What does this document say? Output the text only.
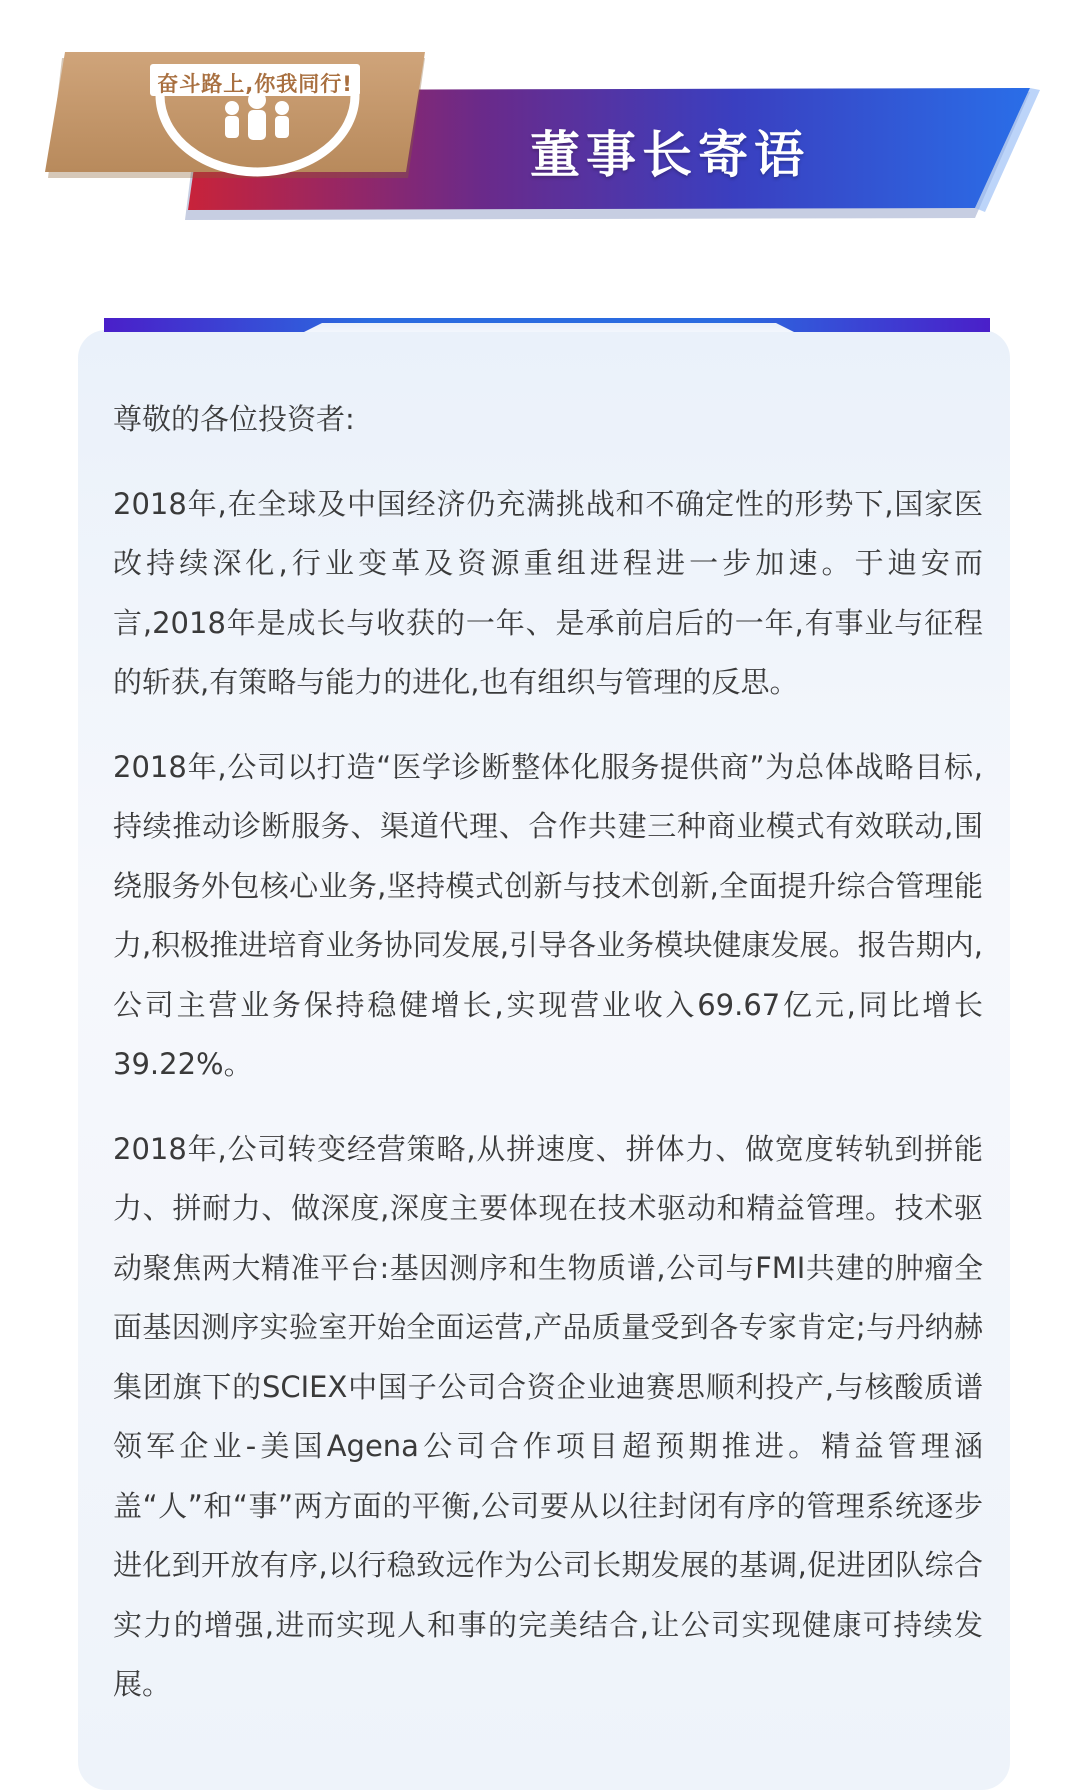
奋斗路上,你我同行!
董事长寄语

尊敬的各位投资者:

2018年,在全球及中国经济仍充满挑战和不确定性的形势下,国家医改持续深化,行业变革及资源重组进程进一步加速。于迪安而言,2018年是成长与收获的一年、是承前启后的一年,有事业与征程的斩获,有策略与能力的进化,也有组织与管理的反思。

2018年,公司以打造“医学诊断整体化服务提供商”为总体战略目标,持续推动诊断服务、渠道代理、合作共建三种商业模式有效联动,围绕服务外包核心业务,坚持模式创新与技术创新,全面提升综合管理能力,积极推进培育业务协同发展,引导各业务模块健康发展。报告期内,公司主营业务保持稳健增长,实现营业收入69.67亿元,同比增长39.22%。

2018年,公司转变经营策略,从拼速度、拼体力、做宽度转轨到拼能力、拼耐力、做深度,深度主要体现在技术驱动和精益管理。技术驱动聚焦两大精准平台:基因测序和生物质谱,公司与FMI共建的肿瘤全面基因测序实验室开始全面运营,产品质量受到各专家肯定;与丹纳赫集团旗下的SCIEX中国子公司合资企业迪赛思顺利投产,与核酸质谱领军企业-美国Agena公司合作项目超预期推进。精益管理涵盖“人”和“事”两方面的平衡,公司要从以往封闭有序的管理系统逐步进化到开放有序,以行稳致远作为公司长期发展的基调,促进团队综合实力的增强,进而实现人和事的完美结合,让公司实现健康可持续发展。
